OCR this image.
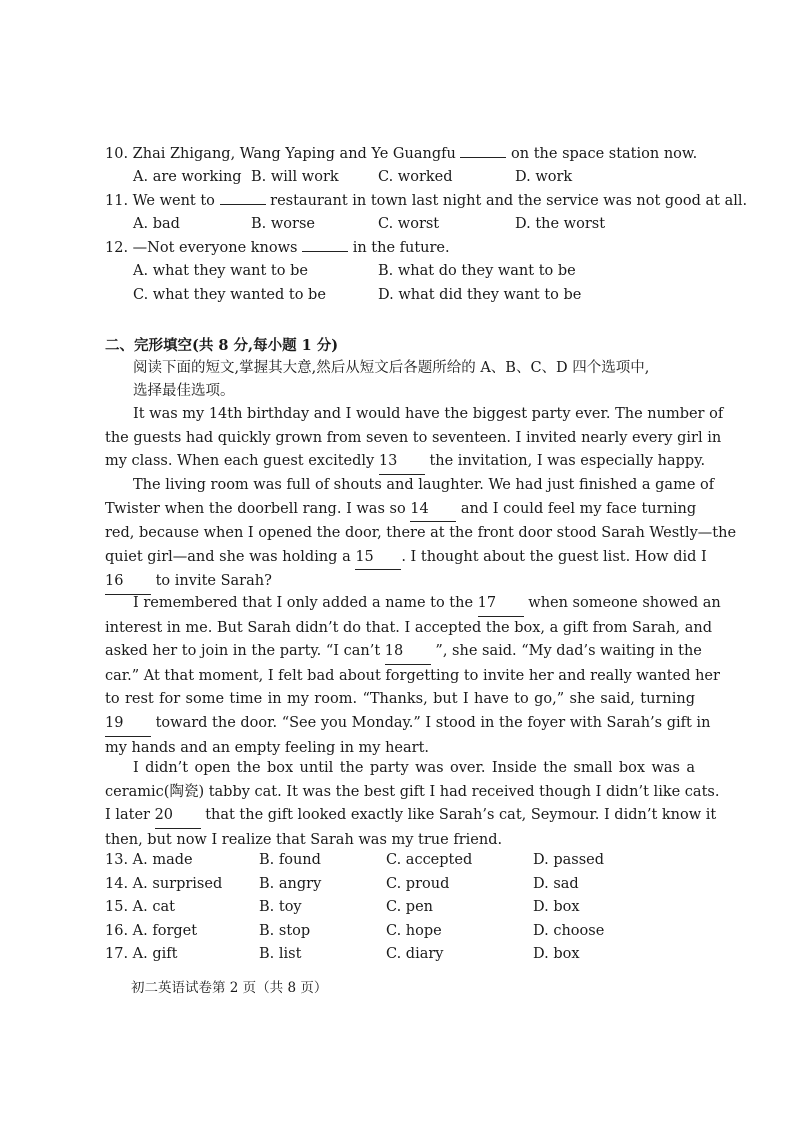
10. Zhai Zhigang, Wang Yaping and Ye Guangfu	on the space station now.
A. are working B. will work	C. worked	D. work
11. We went to	restaurant in town last night and the service was not good at all.
A. bad	B. worse	C. worst	D. the worst
12. —Not everyone knows	in the future.
A. what they want to be	B. what do they want to be
C. what they wanted to be	D. what did they want to be
二、完形填空(共 8 分,每小题 1 分)
阅读下面的短文,掌握其大意,然后从短文后各题所给的 A、B、C、D 四个选项中,
选择最佳选项。
It was my 14th birthday and I would have the biggest party ever. The number of
the guests had quickly grown from seven to seventeen. I invited nearly every girl in
my class. When each guest excitedly 13 the invitation, I was especially happy.
The living room was full of shouts and laughter. We had just finished a game of
Twister when the doorbell rang. I was so 14 and I could feel my face turning
red, because when I opened the door, there at the front door stood Sarah Westly—the
quiet girl—and she was holding a 15 . I thought about the guest list. How did I
16 to invite Sarah?
I remembered that I only added a name to the 17 when someone showed an
interest in me. But Sarah didn’t do that. I accepted the box, a gift from Sarah, and
asked her to join in the party. “I can’t 18 ”, she said. “My dad’s waiting in the
car.” At that moment, I felt bad about forgetting to invite her and really wanted her
to rest for some time in my room. “Thanks, but I have to go,” she said, turning
19 toward the door. “See you Monday.” I stood in the foyer with Sarah’s gift in
my hands and an empty feeling in my heart.
I didn’t open the box until the party was over. Inside the small box was a
ceramic(陶瓷) tabby cat. It was the best gift I had received though I didn’t like cats.
I later 20 that the gift looked exactly like Sarah’s cat, Seymour. I didn’t know it
then, but now I realize that Sarah was my true friend.
13. A. made	B. found	C. accepted	D. passed
14. A. surprised	B. angry	C. proud	D. sad
15. A. cat	B. toy	C. pen	D. box
16. A. forget	B. stop	C. hope	D. choose
17. A. gift	B. list	C. diary	D. box
初二英语试卷第 2 页（共 8 页）
